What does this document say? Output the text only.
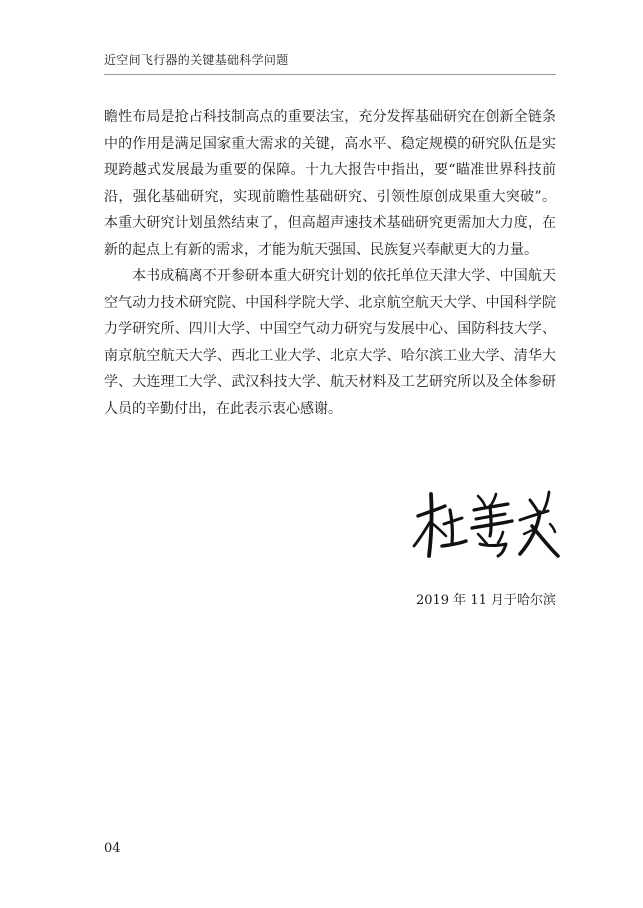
近空间飞行器的关键基础科学问题

瞻性布局是抢占科技制高点的重要法宝，充分发挥基础研究在创新全链条中的作用是满足国家重大需求的关键，高水平、稳定规模的研究队伍是实现跨越式发展最为重要的保障。十九大报告中指出，要“瞄准世界科技前沿，强化基础研究，实现前瞻性基础研究、引领性原创成果重大突破”。本重大研究计划虽然结束了，但高超声速技术基础研究更需加大力度，在新的起点上有新的需求，才能为航天强国、民族复兴奉献更大的力量。

本书成稿离不开参研本重大研究计划的依托单位天津大学、中国航天空气动力技术研究院、中国科学院大学、北京航空航天大学、中国科学院力学研究所、四川大学、中国空气动力研究与发展中心、国防科技大学、南京航空航天大学、西北工业大学、北京大学、哈尔滨工业大学、清华大学、大连理工大学、武汉科技大学、航天材料及工艺研究所以及全体参研人员的辛勤付出，在此表示衷心感谢。

2019 年 11 月于哈尔滨
04
